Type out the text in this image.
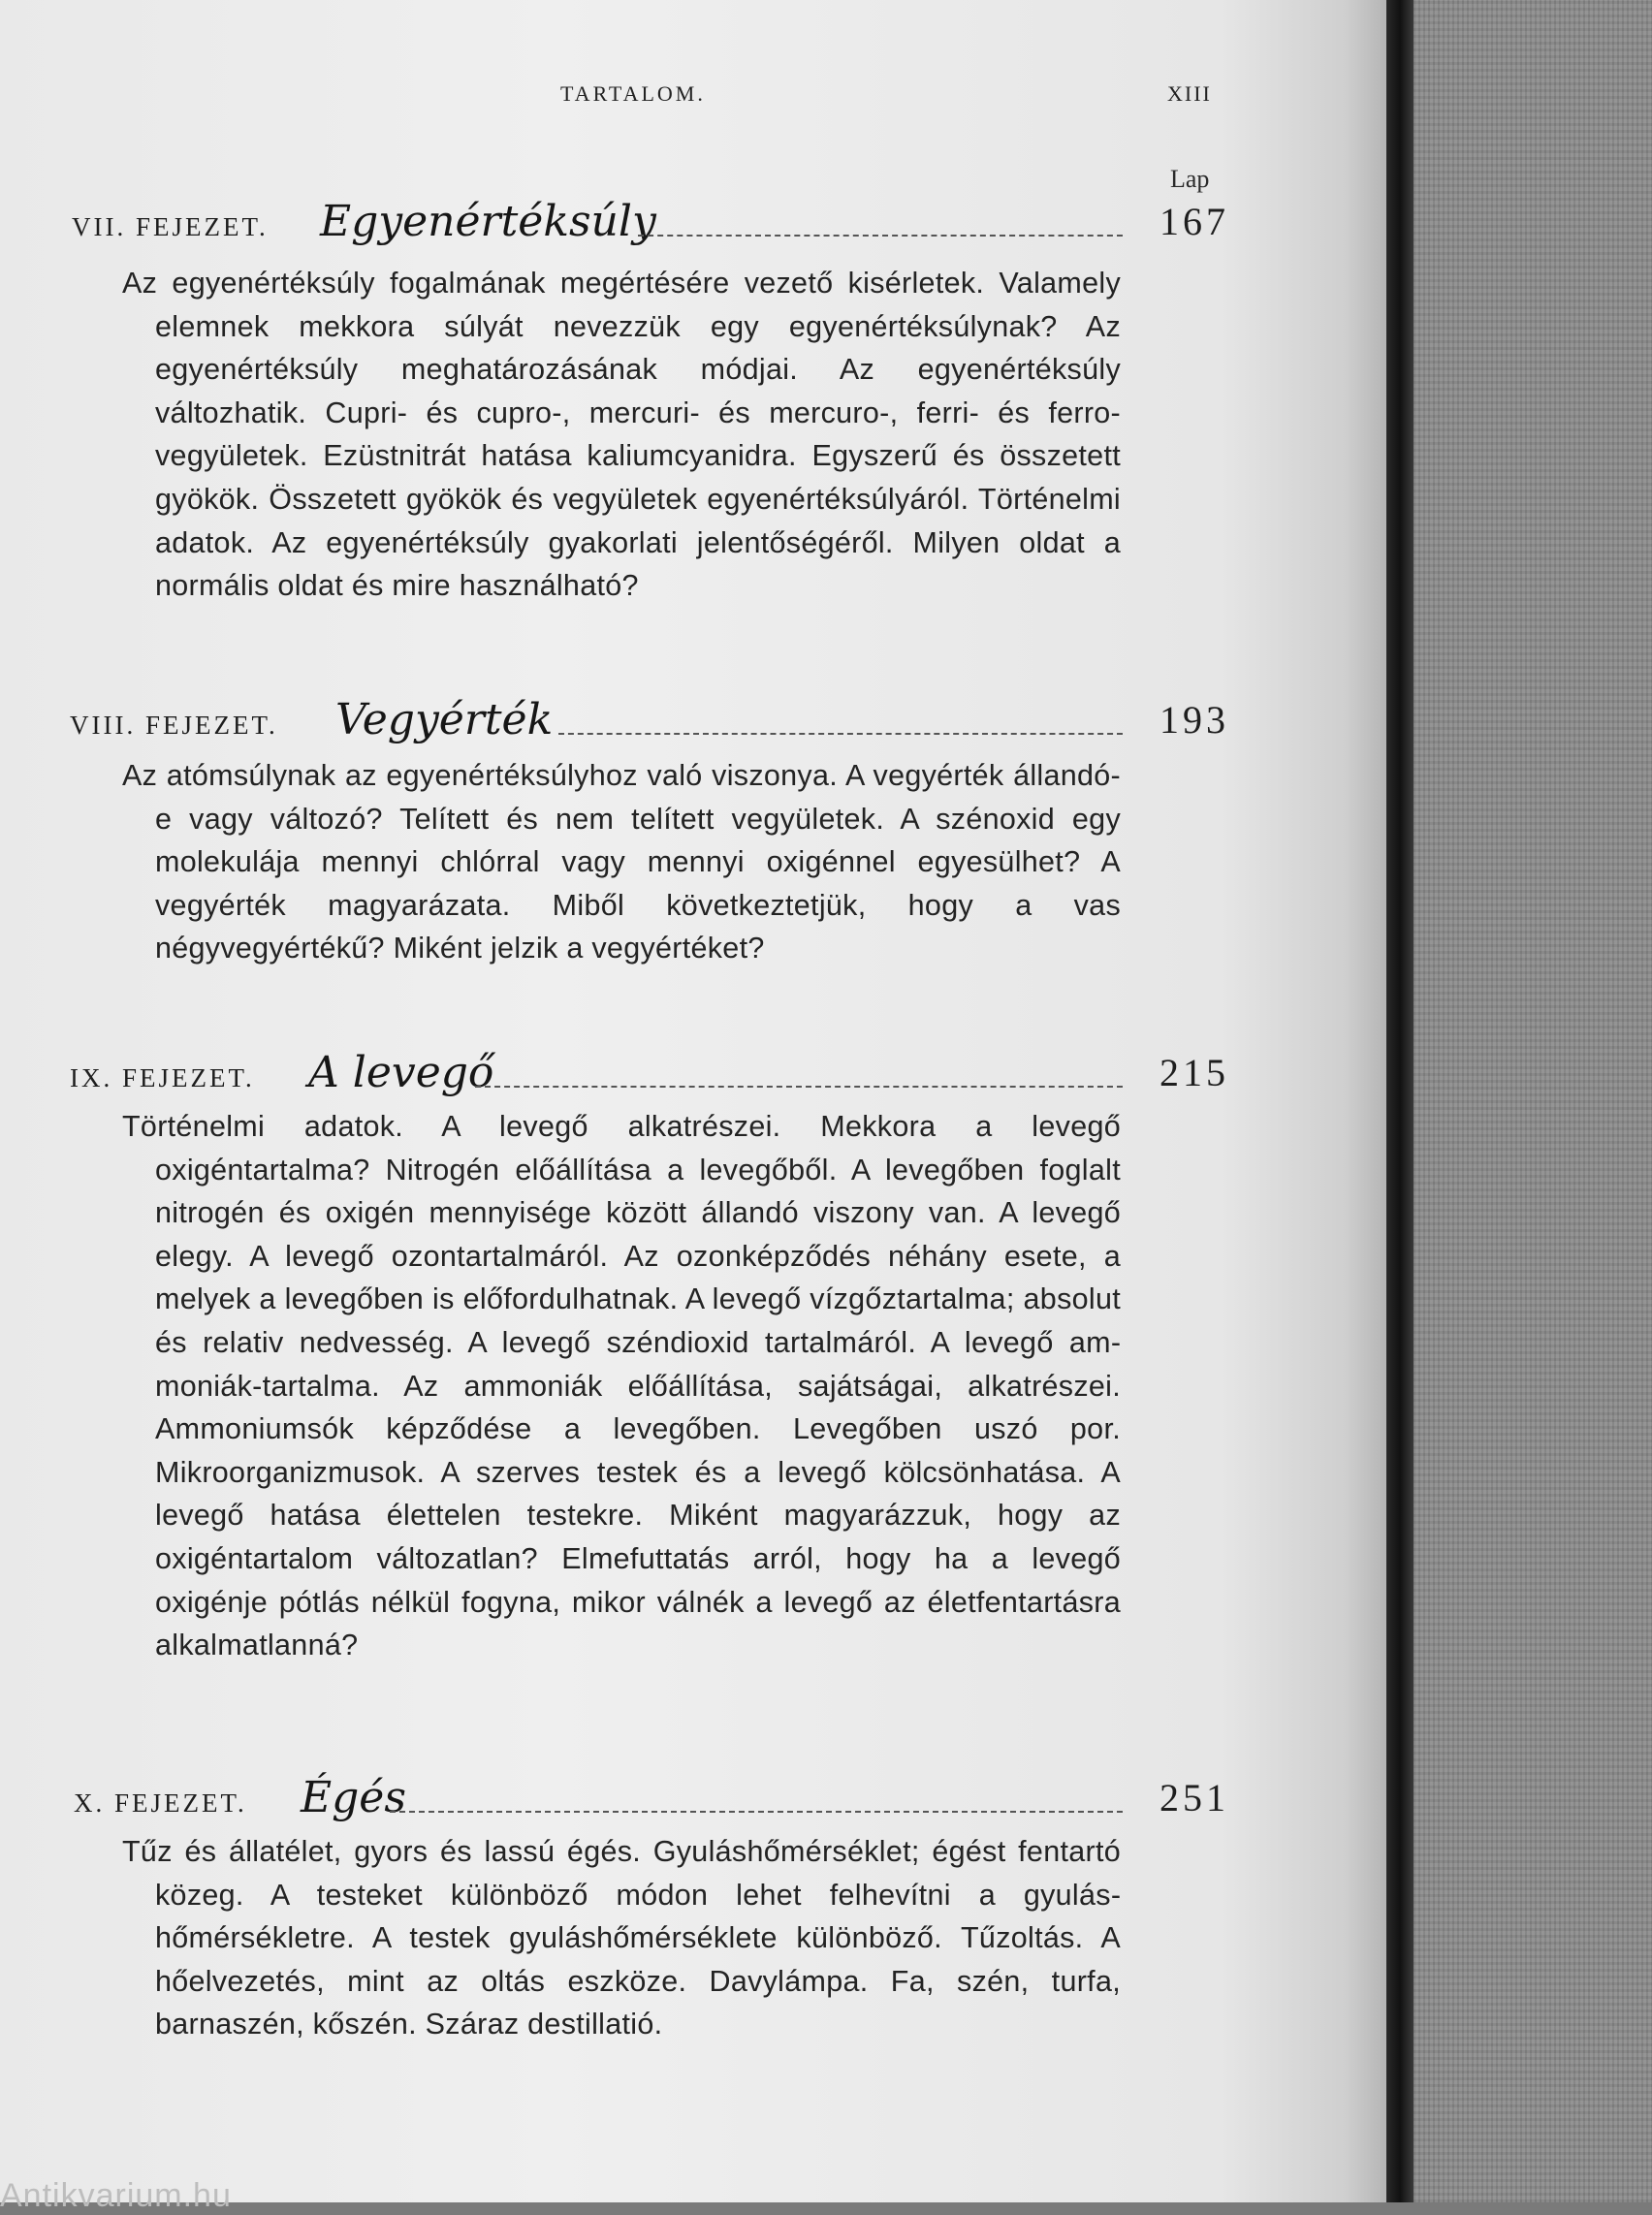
TARTALOM.	XIII
Lap
VII. FEJEZET. Egyenértéksúly	167

Az egyenértéksúly fogalmának megértésére vezető kisérletek. Valamely elemnek mekkora súlyát nevezzük egy egyenértéksúlynak? Az egyenértéksúly meghatározásának módjai. Az egyenértéksúly változhatik. Cupri- és cupro-, mercuri- és mercuro-, ferri- és ferro-vegyületek. Ezüstnitrát hatása kaliumcyanidra. Egyszerű és összetett gyökök. Összetett gyökök és vegyületek egyenértéksúlyáról. Történelmi adatok. Az egyenértéksúly gyakorlati jelentőségéről. Milyen oldat a normális oldat és mire használható?

VIII. FEJEZET. Vegyérték	193

Az atómsúlynak az egyenértéksúlyhoz való viszonya. A vegyérték állandó-e vagy változó? Telített és nem telített vegyületek. A szénoxid egy molekulája mennyi chlórral vagy mennyi oxigénnel egyesülhet? A vegyérték magyarázata. Miből következtetjük, hogy a vas négyvegyértékű? Miként jelzik a vegyértéket?

IX. FEJEZET. A levegő	215

Történelmi adatok. A levegő alkatrészei. Mekkora a levegő oxigéntartalma? Nitrogén előállítása a levegőből. A levegőben foglalt nitrogén és oxigén mennyisége között állandó viszony van. A levegő elegy. A levegő ozontartalmáról. Az ozonképződés néhány esete, a melyek a levegőben is előfordulhatnak. A levegő vízgőztartalma; absolut és relativ nedvesség. A levegő széndioxid tartalmáról. A levegő ammoniák-tartalma. Az ammoniák előállítása, sajátságai, alkatrészei. Ammoniumsók képződése a levegőben. Levegőben uszó por. Mikroorganizmusok. A szerves testek és a levegő kölcsönhatása. A levegő hatása élettelen testekre. Miként magyarázzuk, hogy az oxigéntartalom változatlan? Elmefuttatás arról, hogy ha a levegő oxigénje pótlás nélkül fogyna, mikor válnék a levegő az életfentartásra alkalmatlanná?

X. FEJEZET. Égés	251

Tűz és állatélet, gyors és lassú égés. Gyuláshőmérséklet; égést fentartó közeg. A testeket különböző módon lehet felhevítni a gyuláshőmérsékletre. A testek gyuláshőmérséklete különböző. Tűzoltás. A hőelvezetés, mint az oltás eszköze. Davylámpa. Fa, szén, turfa, barnaszén, kőszén. Száraz destillatió.

Antikvarium.hu
